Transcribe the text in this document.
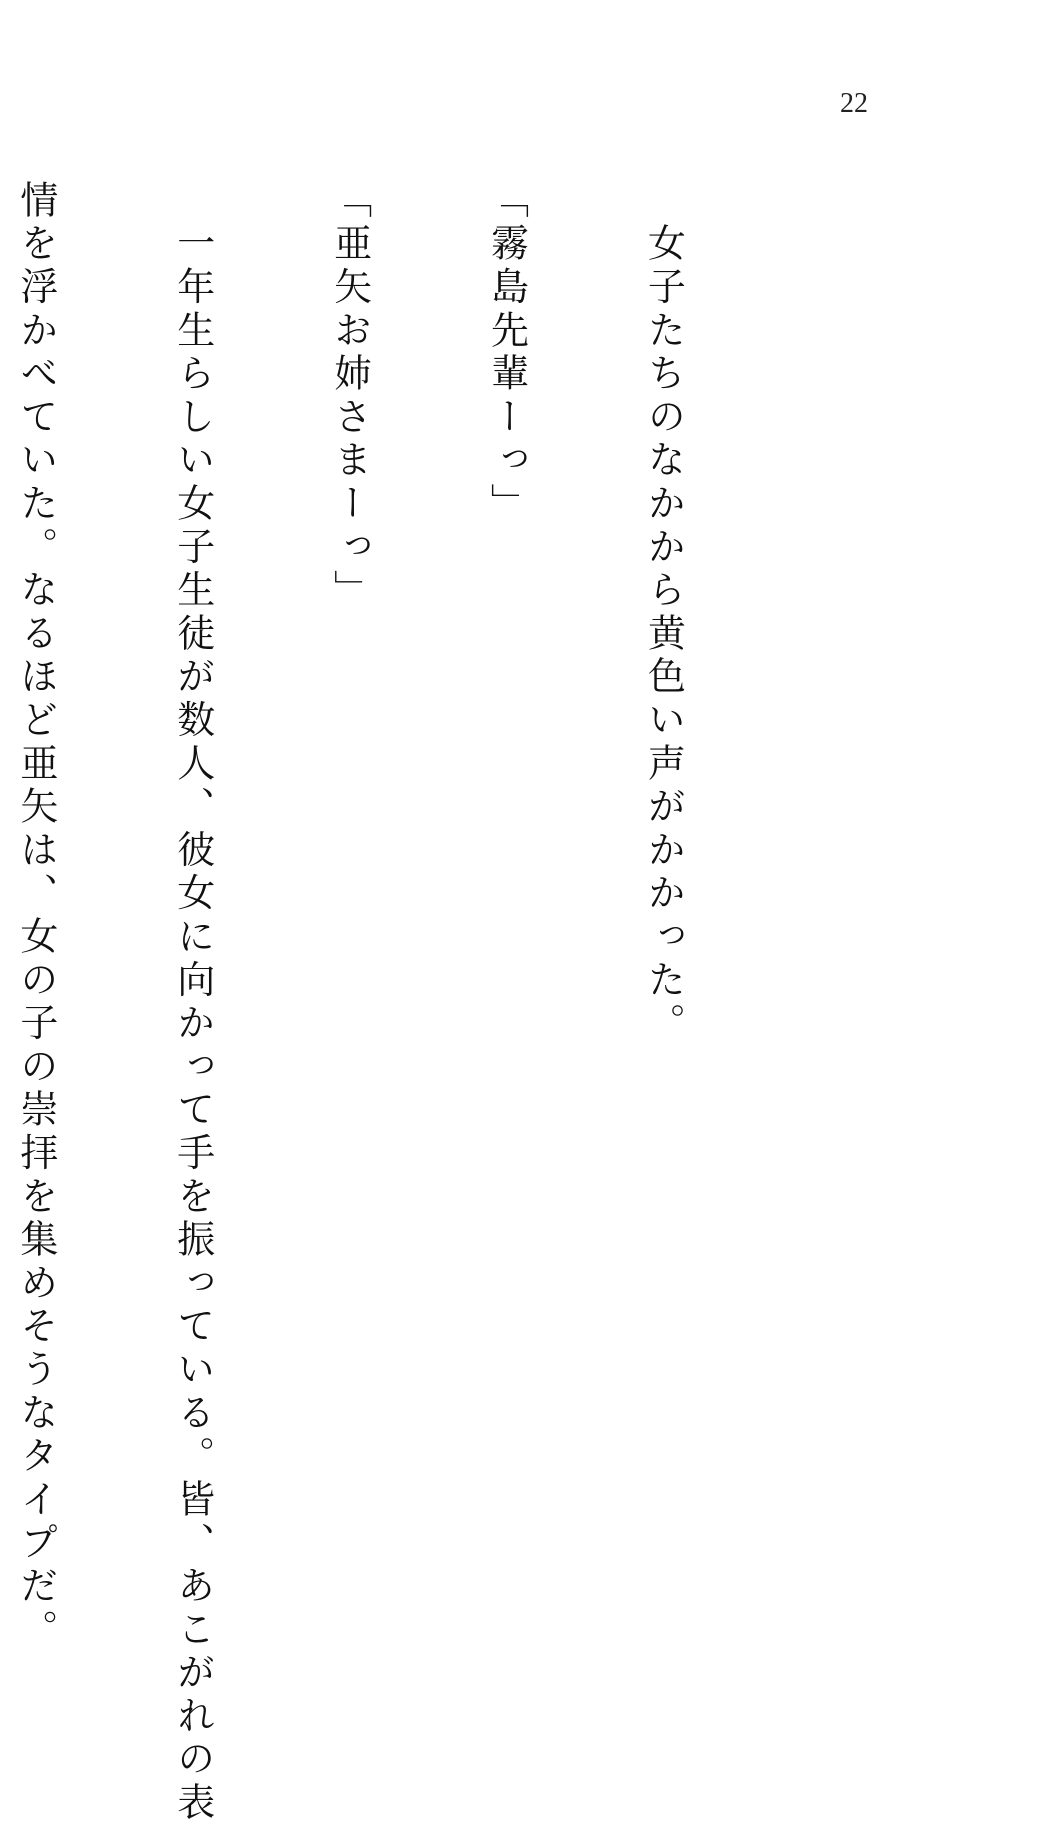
22

　女子たちのなかから黄色い声がかかった。

「霧島先輩ーっ」

「亜矢お姉さまーっ」

　一年生らしい女子生徒が数人、彼女に向かって手を振っている。皆、あこがれの表

情を浮かべていた。なるほど亜矢は、女の子の崇拝を集めそうなタイプだ。
